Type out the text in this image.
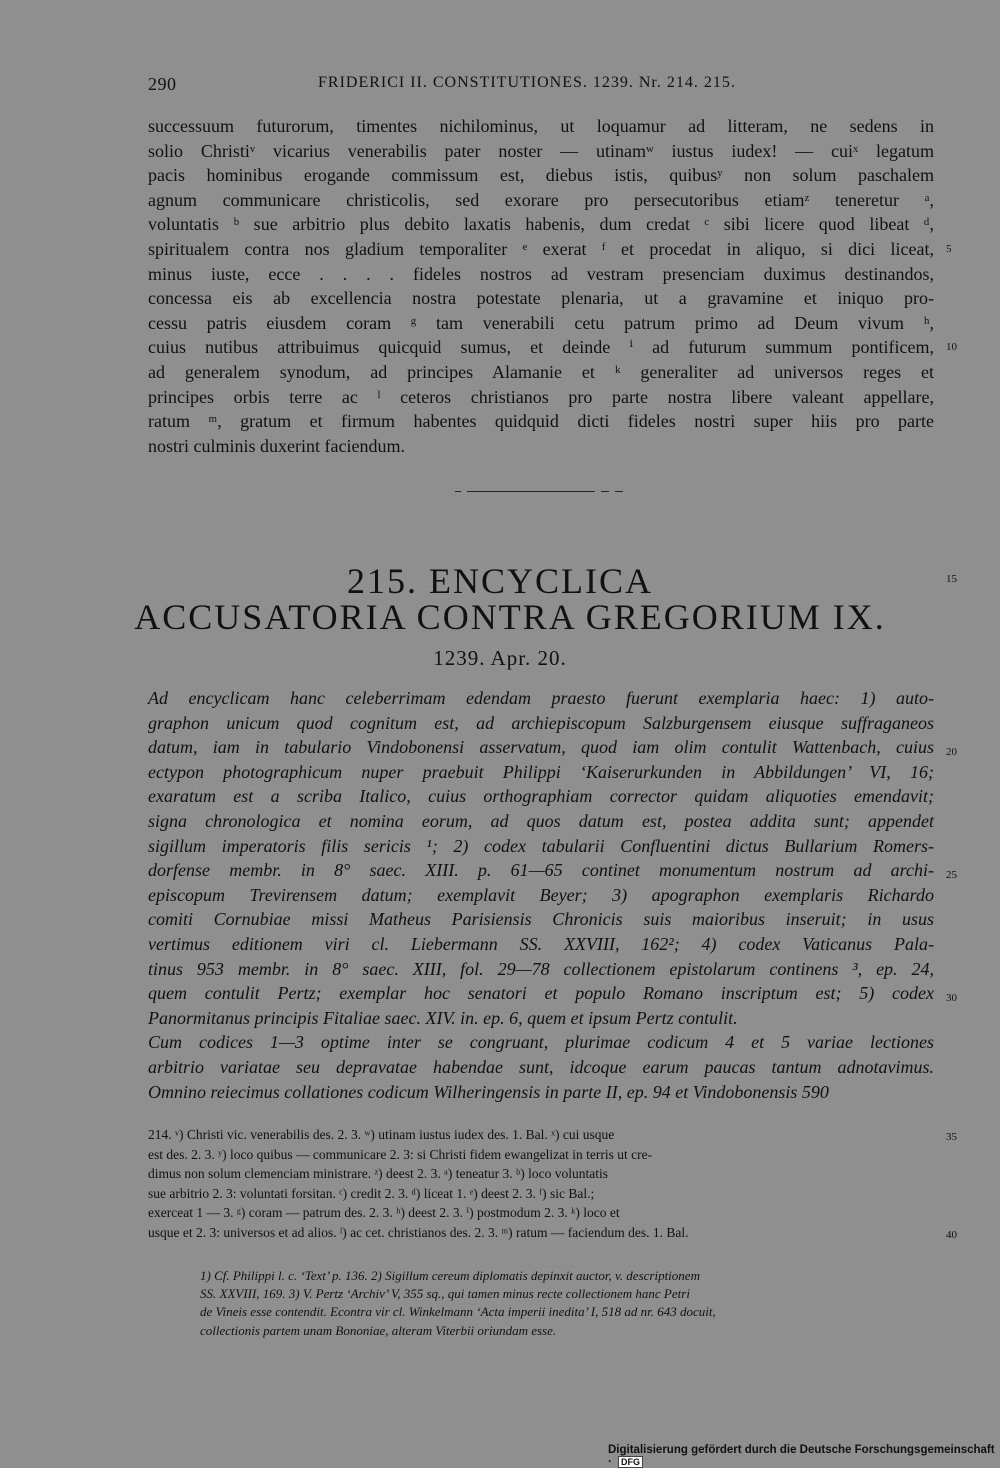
290	FRIDERICI II. CONSTITUTIONES. 1239. Nr. 214. 215.
successuum futurorum, timentes nichilominus, ut loquamur ad litteram, ne sedens in
solio Christiᵛ vicarius venerabilis pater noster — utinamʷ iustus iudex! — cuiˣ legatum
pacis hominibus erogande commissum est, diebus istis, quibusʸ non solum paschalem
agnum communicare christicolis, sed exorare pro persecutoribus etiamᶻ teneretur ᵃ,
voluntatis ᵇ sue arbitrio plus debito laxatis habenis, dum credat ᶜ sibi licere quod libeat ᵈ,
spiritualem contra nos gladium temporaliter ᵉ exerat ᶠ et procedat in aliquo, si dici liceat,
minus iuste, ecce . . . . fideles nostros ad vestram presenciam duximus destinandos,
concessa eis ab excellencia nostra potestate plenaria, ut a gravamine et iniquo pro-
cessu patris eiusdem coram ᵍ tam venerabili cetu patrum primo ad Deum vivum ʰ,
cuius nutibus attribuimus quicquid sumus, et deinde ⁱ ad futurum summum pontificem,
ad generalem synodum, ad principes Alamanie et ᵏ generaliter ad universos reges et
principes orbis terre ac ˡ ceteros christianos pro parte nostra libere valeant appellare,
ratum ᵐ, gratum et firmum habentes quidquid dicti fideles nostri super hiis pro parte
nostri culminis duxerint faciendum.
215. ENCYCLICA
ACCUSATORIA CONTRA GREGORIUM IX.
1239. Apr. 20.
Ad encyclicam hanc celeberrimam edendam praesto fuerunt exemplaria haec: 1) auto-
graphon unicum quod cognitum est, ad archiepiscopum Salzburgensem eiusque suffraganeos
datum, iam in tabulario Vindobonensi asservatum, quod iam olim contulit Wattenbach, cuius
ectypon photographicum nuper praebuit Philippi ‘Kaiserurkunden in Abbildungen’ VI, 16;
exaratum est a scriba Italico, cuius orthographiam corrector quidam aliquoties emendavit;
signa chronologica et nomina eorum, ad quos datum est, postea addita sunt; appendet
sigillum imperatoris filis sericis ¹; 2) codex tabularii Confluentini dictus Bullarium Romers-
dorfense membr. in 8° saec. XIII. p. 61—65 continet monumentum nostrum ad archi-
episcopum Trevirensem datum; exemplavit Beyer; 3) apographon exemplaris Richardo
comiti Cornubiae missi Matheus Parisiensis Chronicis suis maioribus inseruit; in usus
vertimus editionem viri cl. Liebermann SS. XXVIII, 162²; 4) codex Vaticanus Pala-
tinus 953 membr. in 8° saec. XIII, fol. 29—78 collectionem epistolarum continens ³, ep. 24,
quem contulit Pertz; exemplar hoc senatori et populo Romano inscriptum est; 5) codex
Panormitanus principis Fitaliae saec. XIV. in. ep. 6, quem et ipsum Pertz contulit.
Cum codices 1—3 optime inter se congruant, plurimae codicum 4 et 5 variae lectiones
arbitrio variatae seu depravatae habendae sunt, idcoque earum paucas tantum adnotavimus.
Omnino reiecimus collationes codicum Wilheringensis in parte II, ep. 94 et Vindobonensis 590
214. ᵛ) Christi vic. venerabilis des. 2. 3. ʷ) utinam iustus iudex des. 1. Bal. ˣ) cui usque
est des. 2. 3. ʸ) loco quibus — communicare 2. 3: si Christi fidem ewangelizat in terris ut cre-
dimus non solum clemenciam ministrare. ᶻ) deest 2. 3. ᵃ) teneatur 3. ᵇ) loco voluntatis
sue arbitrio 2. 3: voluntati forsitan. ᶜ) credit 2. 3. ᵈ) liceat 1. ᵉ) deest 2. 3. ᶠ) sic Bal.;
exerceat 1 — 3. ᵍ) coram — patrum des. 2. 3. ʰ) deest 2. 3. ⁱ) postmodum 2. 3. ᵏ) loco et
usque et 2. 3: universos et ad alios. ˡ) ac cet. christianos des. 2. 3. ᵐ) ratum — faciendum des. 1. Bal.
1) Cf. Philippi l. c. ‘Text’ p. 136. 2) Sigillum cereum diplomatis depinxit auctor, v. descriptionem
SS. XXVIII, 169. 3) V. Pertz ‘Archiv’ V, 355 sq., qui tamen minus recte collectionem hanc Petri
de Vineis esse contendit. Econtra vir cl. Winkelmann ‘Acta imperii inedita’ I, 518 ad nr. 643 docuit,
collectionis partem unam Bononiae, alteram Viterbii oriundam esse.
5
10
15
20
25
30
35
40
Digitalisierung gefördert durch die Deutsche Forschungsgemeinschaft · DFG
